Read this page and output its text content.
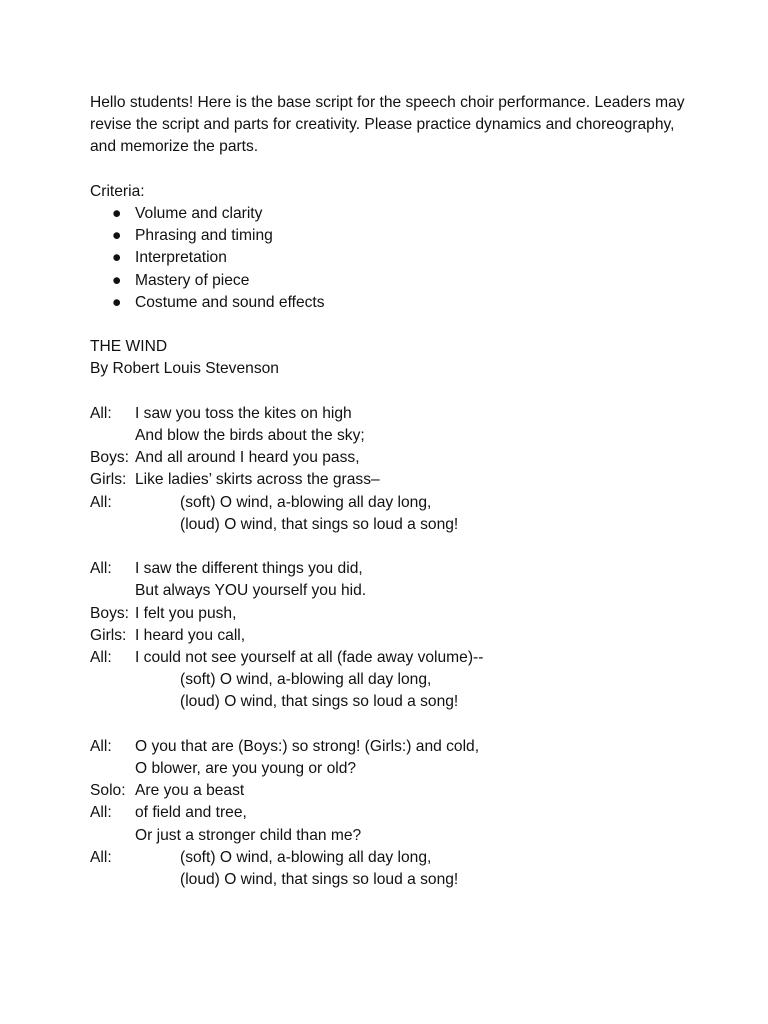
Hello students! Here is the base script for the speech choir performance. Leaders may revise the script and parts for creativity. Please practice dynamics and choreography, and memorize the parts.

Criteria:
● Volume and clarity
● Phrasing and timing
● Interpretation
● Mastery of piece
● Costume and sound effects
THE WIND
By Robert Louis Stevenson
All:	I saw you toss the kites on high
And blow the birds about the sky;
Boys: And all around I heard you pass,
Girls: Like ladies’ skirts across the grass–
All:	(soft) O wind, a-blowing all day long,
(loud) O wind, that sings so loud a song!
All:	I saw the different things you did,
But always YOU yourself you hid.
Boys: I felt you push,
Girls: I heard you call,
All:	I could not see yourself at all (fade away volume)--
(soft) O wind, a-blowing all day long,
(loud) O wind, that sings so loud a song!
All:	O you that are (Boys:) so strong! (Girls:) and cold,
O blower, are you young or old?
Solo: Are you a beast
All:	of field and tree,
Or just a stronger child than me?
All:	(soft) O wind, a-blowing all day long,
(loud) O wind, that sings so loud a song!
